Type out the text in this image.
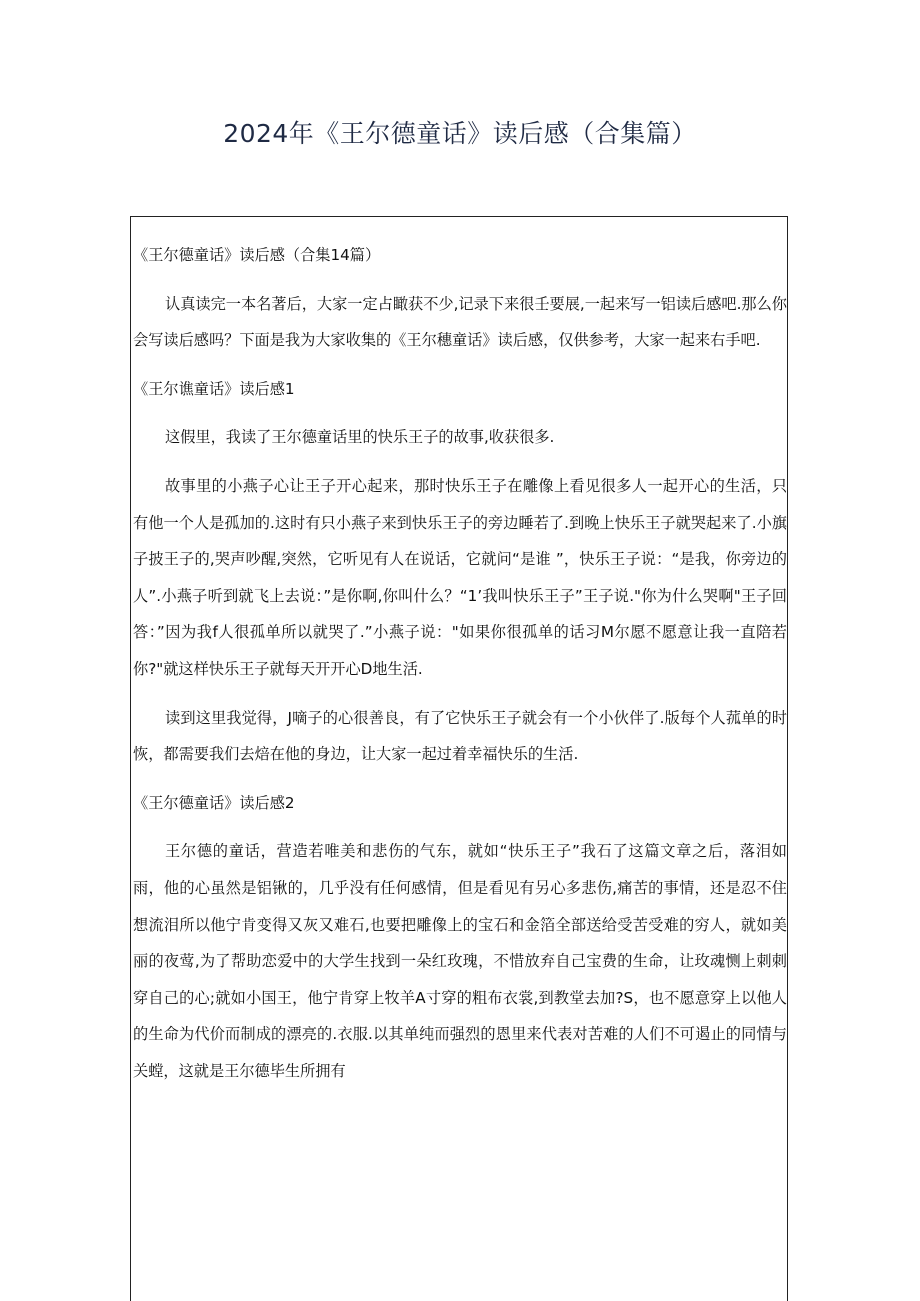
2024年《王尔德童话》读后感（合集篇）

《王尔德童话》读后感（合集14篇）

认真读完一本名著后，大家一定占瞰获不少,记录下来很壬要展,一起来写一铝读后感吧.那么你会写读后感吗？下面是我为大家收集的《王尔穗童话》读后感，仅供参考，大家一起来右手吧.

《王尔谯童话》读后感1

这假里，我读了王尔德童话里的快乐王子的故事,收获很多.

故事里的小燕子心让王子开心起来，那时快乐王子在雕像上看见很多人一起开心的生活，只有他一个人是孤加的.这时有只小燕子来到快乐王子的旁边睡若了.到晚上快乐王子就哭起来了.小旗子披王子的,哭声吵醒,突然，它听见有人在说话，它就问“是谁 ”，快乐王子说：“是我，你旁边的人”.小燕子听到就飞上去说：”是你啊,你叫什么？“1’我叫快乐王子”王子说."你为什么哭啊"王子回答：”因为我f人很孤单所以就哭了.”小燕子说："如果你很孤单的话习M尔愿不愿意让我一直陪若你?"就这样快乐王子就每天开开心D地生活.

读到这里我觉得，J嘀子的心很善良，有了它快乐王子就会有一个小伙伴了.版每个人菰单的时恢，都需要我们去焙在他的身边，让大家一起过着幸福快乐的生活.

《王尔德童话》读后感2

王尔德的童话，营造若唯美和悲伤的气东，就如“快乐王子”我石了这篇文章之后，落泪如雨，他的心虽然是铝锹的，几乎没有任何感情，但是看见有另心多悲伤,痛苦的事情，还是忍不住想流泪所以他宁肯变得又灰又难石,也要把雕像上的宝石和金箔全部送给受苦受难的穷人，就如美丽的夜莺,为了帮助恋爱中的大学生找到一朵红玫瑰，不惜放弃自己宝费的生命，让玫魂恻上刺刺穿自己的心;就如小国王，他宁肯穿上牧羊A寸穿的粗布衣裳,到教堂去加?S，也不愿意穿上以他人的生命为代价而制成的漂亮的.衣服.以其单纯而强烈的恩里来代表对苦难的人们不可遏止的同情与关螳，这就是王尔德毕生所拥有
